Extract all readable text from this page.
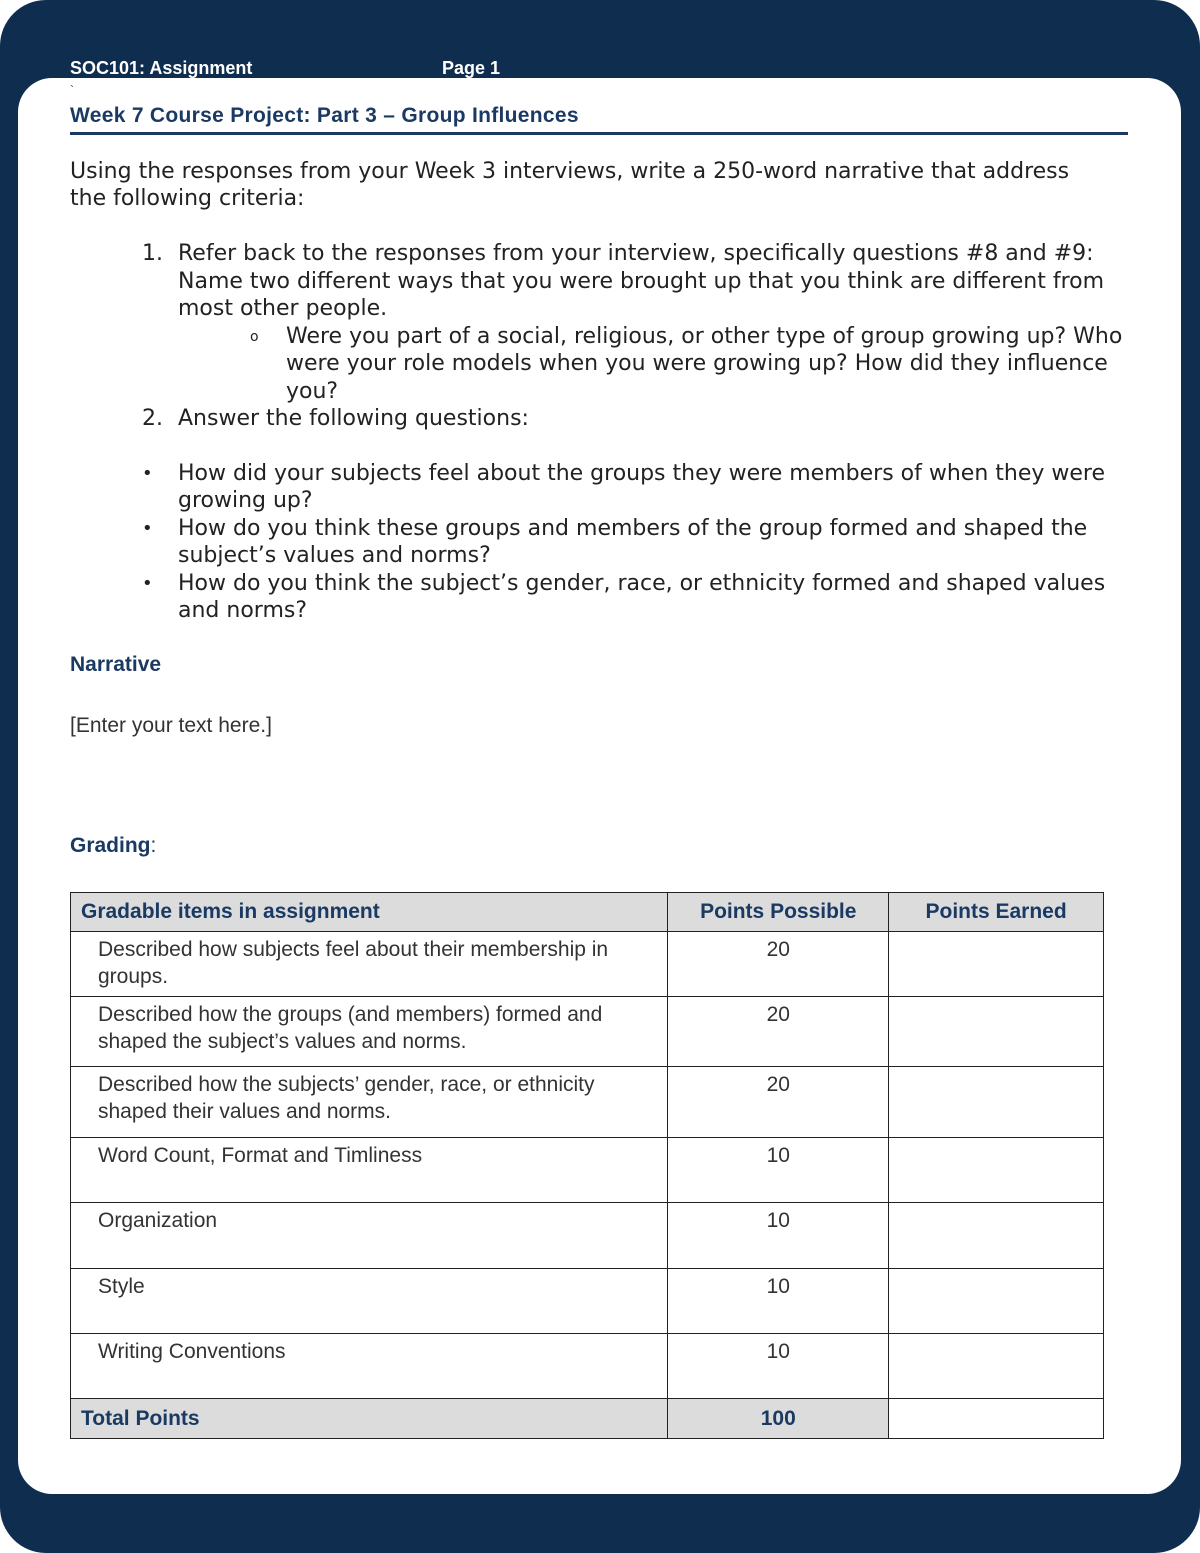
SOC101: Assignment	Page 1
`
Week 7 Course Project: Part 3 – Group Influences
Using the responses from your Week 3 interviews, write a 250-word narrative that address the following criteria:
1. Refer back to the responses from your interview, specifically questions #8 and #9: Name two different ways that you were brought up that you think are different from most other people.
o Were you part of a social, religious, or other type of group growing up? Who were your role models when you were growing up? How did they influence you?
2. Answer the following questions:
• How did your subjects feel about the groups they were members of when they were growing up?
• How do you think these groups and members of the group formed and shaped the subject’s values and norms?
• How do you think the subject’s gender, race, or ethnicity formed and shaped values and norms?
Narrative
[Enter your text here.]
Grading:
Gradable items in assignment	Points Possible	Points Earned
Described how subjects feel about their membership in groups.	20	
Described how the groups (and members) formed and shaped the subject’s values and norms.	20	
Described how the subjects’ gender, race, or ethnicity shaped their values and norms.	20	
Word Count, Format and Timliness	10	
Organization	10	
Style	10	
Writing Conventions	10	
Total Points	100	
